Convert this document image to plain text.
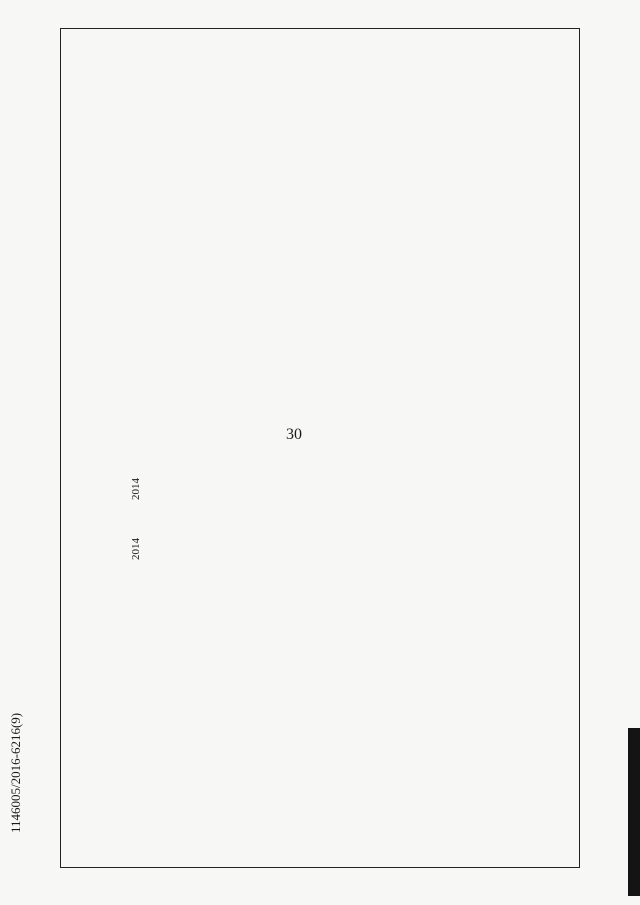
30
2014
2014
1146005/2016-6216(9)
